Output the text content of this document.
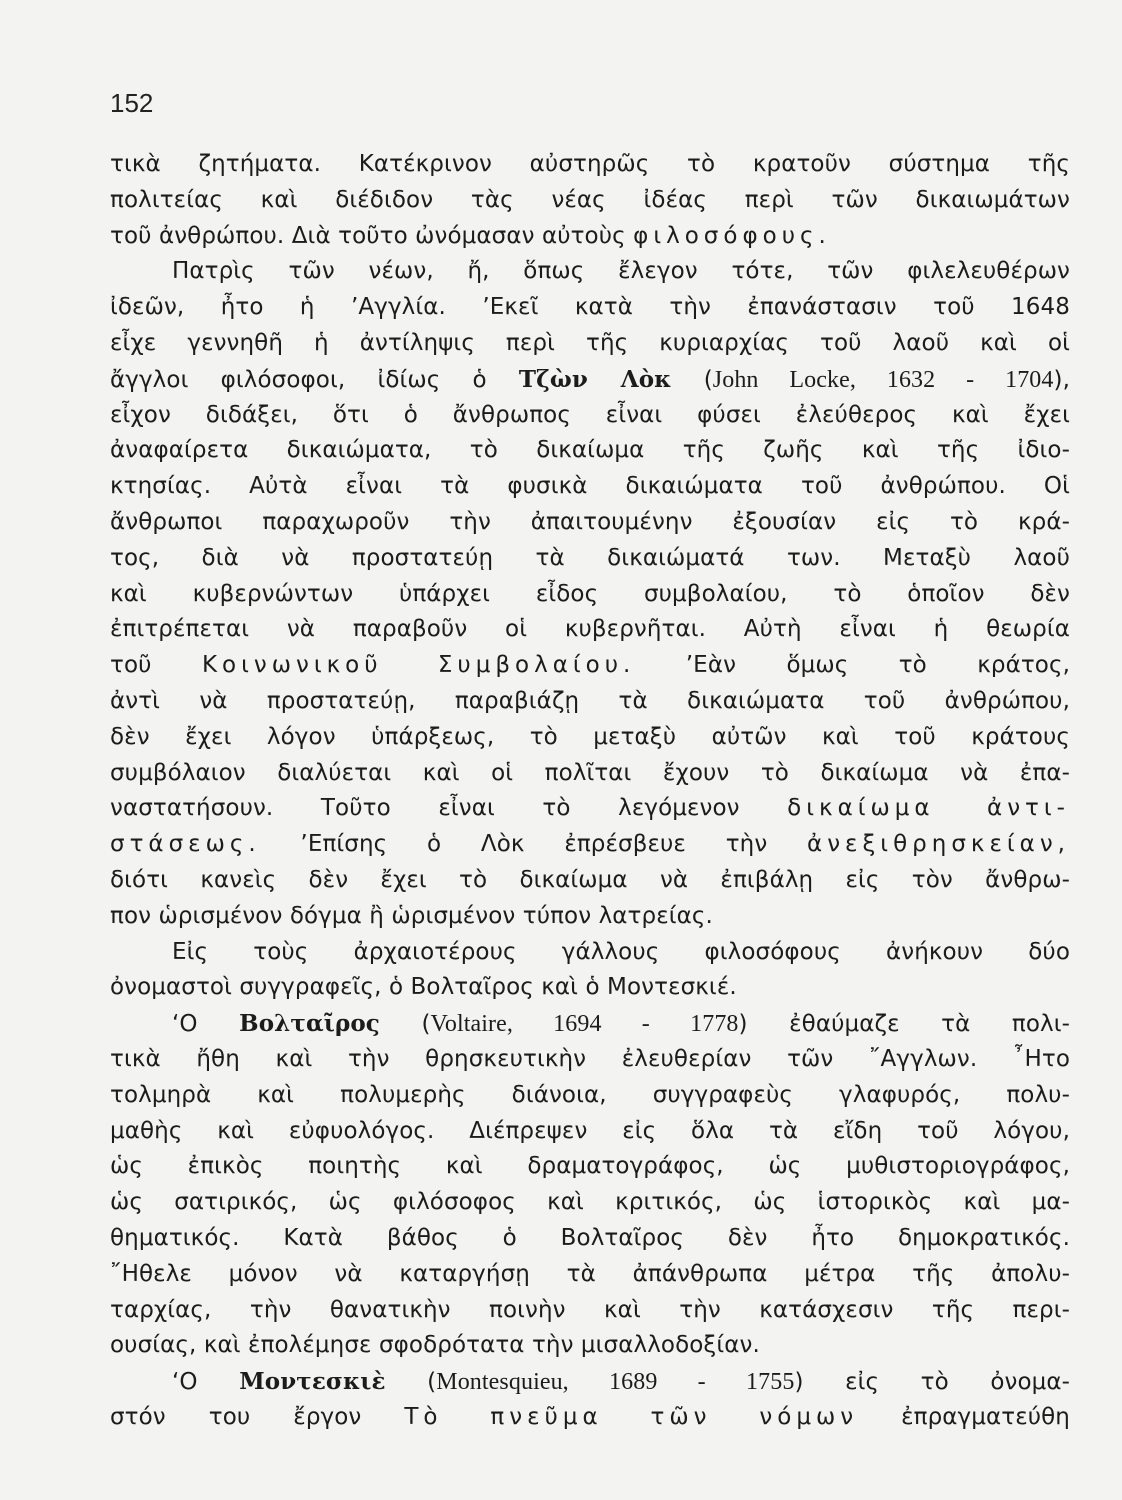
152
τικὰ ζητήματα. Κατέκρινον αὐστηρῶς τὸ κρατοῦν σύστημα τῆς
πολιτείας καὶ διέδιδον τὰς νέας ἰδέας περὶ τῶν δικαιωμάτων
τοῦ ἀνθρώπου. Διὰ τοῦτο ὠνόμασαν αὐτοὺς φιλοσόφους.
Πατρὶς τῶν νέων, ἤ, ὅπως ἔλεγον τότε, τῶν φιλελευθέρων
ἰδεῶν, ἦτο ἡ ’Αγγλία. ’Εκεῖ κατὰ τὴν ἐπανάστασιν τοῦ 1648
εἶχε γεννηθῆ ἡ ἀντίληψις περὶ τῆς κυριαρχίας τοῦ λαοῦ καὶ οἱ
ἄγγλοι φιλόσοφοι, ἰδίως ὁ Τζὼν Λὸκ (John Locke, 1632 - 1704),
εἶχον διδάξει, ὅτι ὁ ἄνθρωπος εἶναι φύσει ἐλεύθερος καὶ ἔχει
ἀναφαίρετα δικαιώματα, τὸ δικαίωμα τῆς ζωῆς καὶ τῆς ἰδιο-
κτησίας. Αὐτὰ εἶναι τὰ φυσικὰ δικαιώματα τοῦ ἀνθρώπου. Οἱ
ἄνθρωποι παραχωροῦν τὴν ἀπαιτουμένην ἐξουσίαν εἰς τὸ κρά-
τος, διὰ νὰ προστατεύῃ τὰ δικαιώματά των. Μεταξὺ λαοῦ
καὶ κυβερνώντων ὑπάρχει εἶδος συμβολαίου, τὸ ὁποῖον δὲν
ἐπιτρέπεται νὰ παραβοῦν οἱ κυβερνῆται. Αὐτὴ εἶναι ἡ θεωρία
τοῦ Κοινωνικοῦ Συμβολαίου. ’Εὰν ὅμως τὸ κράτος,
ἀντὶ νὰ προστατεύῃ, παραβιάζῃ τὰ δικαιώματα τοῦ ἀνθρώπου,
δὲν ἔχει λόγον ὑπάρξεως, τὸ μεταξὺ αὐτῶν καὶ τοῦ κράτους
συμβόλαιον διαλύεται καὶ οἱ πολῖται ἔχουν τὸ δικαίωμα νὰ ἐπα-
ναστατήσουν. Τοῦτο εἶναι τὸ λεγόμενον δικαίωμα ἀντι-
στάσεως. ’Επίσης ὁ Λὸκ ἐπρέσβευε τὴν ἀνεξιθρησκείαν,
διότι κανεὶς δὲν ἔχει τὸ δικαίωμα νὰ ἐπιβάλῃ εἰς τὸν ἄνθρω-
πον ὡρισμένον δόγμα ἢ ὡρισμένον τύπον λατρείας.
Εἰς τοὺς ἀρχαιοτέρους γάλλους φιλοσόφους ἀνήκουν δύο
ὀνομαστοὶ συγγραφεῖς, ὁ Βολταῖρος καὶ ὁ Μοντεσκιέ.
‘Ο Βολταῖρος (Voltaire, 1694 - 1778) ἐθαύμαζε τὰ πολι-
τικὰ ἤθη καὶ τὴν θρησκευτικὴν ἐλευθερίαν τῶν ῎Αγγλων. ῏Ητο
τολμηρὰ καὶ πολυμερὴς διάνοια, συγγραφεὺς γλαφυρός, πολυ-
μαθὴς καὶ εὐφυολόγος. Διέπρεψεν εἰς ὅλα τὰ εἴδη τοῦ λόγου,
ὡς ἐπικὸς ποιητὴς καὶ δραματογράφος, ὡς μυθιστοριογράφος,
ὡς σατιρικός, ὡς φιλόσοφος καὶ κριτικός, ὡς ἱστορικὸς καὶ μα-
θηματικός. Κατὰ βάθος ὁ Βολταῖρος δὲν ἦτο δημοκρατικός.
῎Ηθελε μόνον νὰ καταργήσῃ τὰ ἀπάνθρωπα μέτρα τῆς ἀπολυ-
ταρχίας, τὴν θανατικὴν ποινὴν καὶ τὴν κατάσχεσιν τῆς περι-
ουσίας, καὶ ἐπολέμησε σφοδρότατα τὴν μισαλλοδοξίαν.
‘Ο Μοντεσκιὲ (Montesquieu, 1689 - 1755) εἰς τὸ ὀνομα-
στόν του ἔργον Τὸ πνεῦμα τῶν νόμων ἐπραγματεύθη
